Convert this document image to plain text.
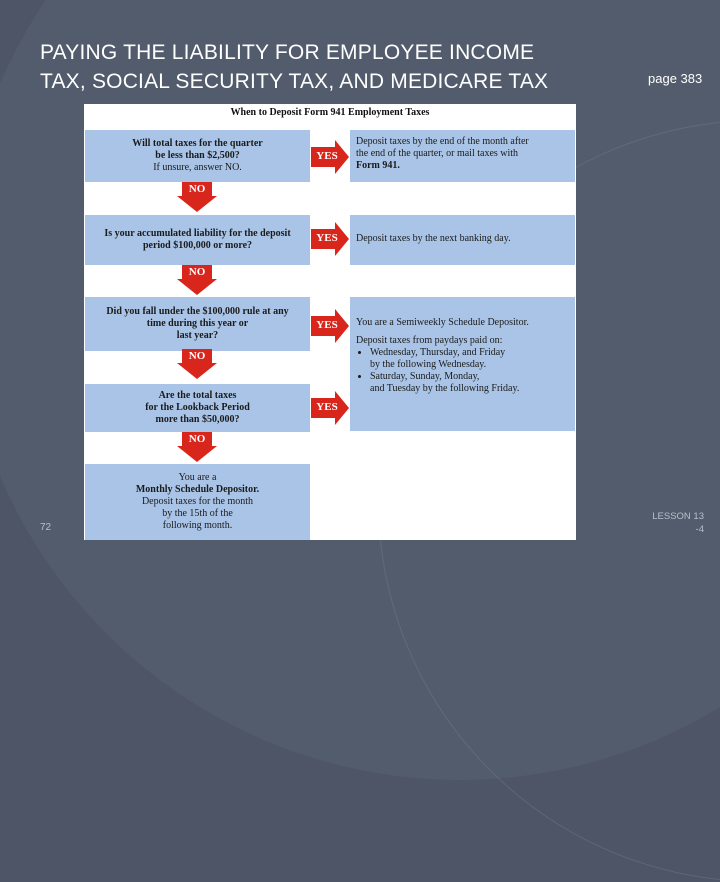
PAYING THE LIABILITY FOR EMPLOYEE INCOME
TAX, SOCIAL SECURITY TAX, AND MEDICARE TAX	page 383
When to Deposit Form 941 Employment Taxes
Will total taxes for the quarter
be less than $2,500?
If unsure, answer NO.
YES
Deposit taxes by the end of the month after
the end of the quarter, or mail taxes with
Form 941.
NO
Is your accumulated liability for the deposit
period $100,000 or more?
YES	Deposit taxes by the next banking day.
NO
Did you fall under the $100,000 rule at any
time during this year or
last year?
YES	You are a Semiweekly Schedule Depositor.
Deposit taxes from paydays paid on:
• Wednesday, Thursday, and Friday
by the following Wednesday.
• Saturday, Sunday, Monday,
and Tuesday by the following Friday.
NO
Are the total taxes
for the Lookback Period
more than $50,000?
YES
NO
You are a
Monthly Schedule Depositor.
Deposit taxes for the month
by the 15th of the
following month.
72
LESSON 13
-4
